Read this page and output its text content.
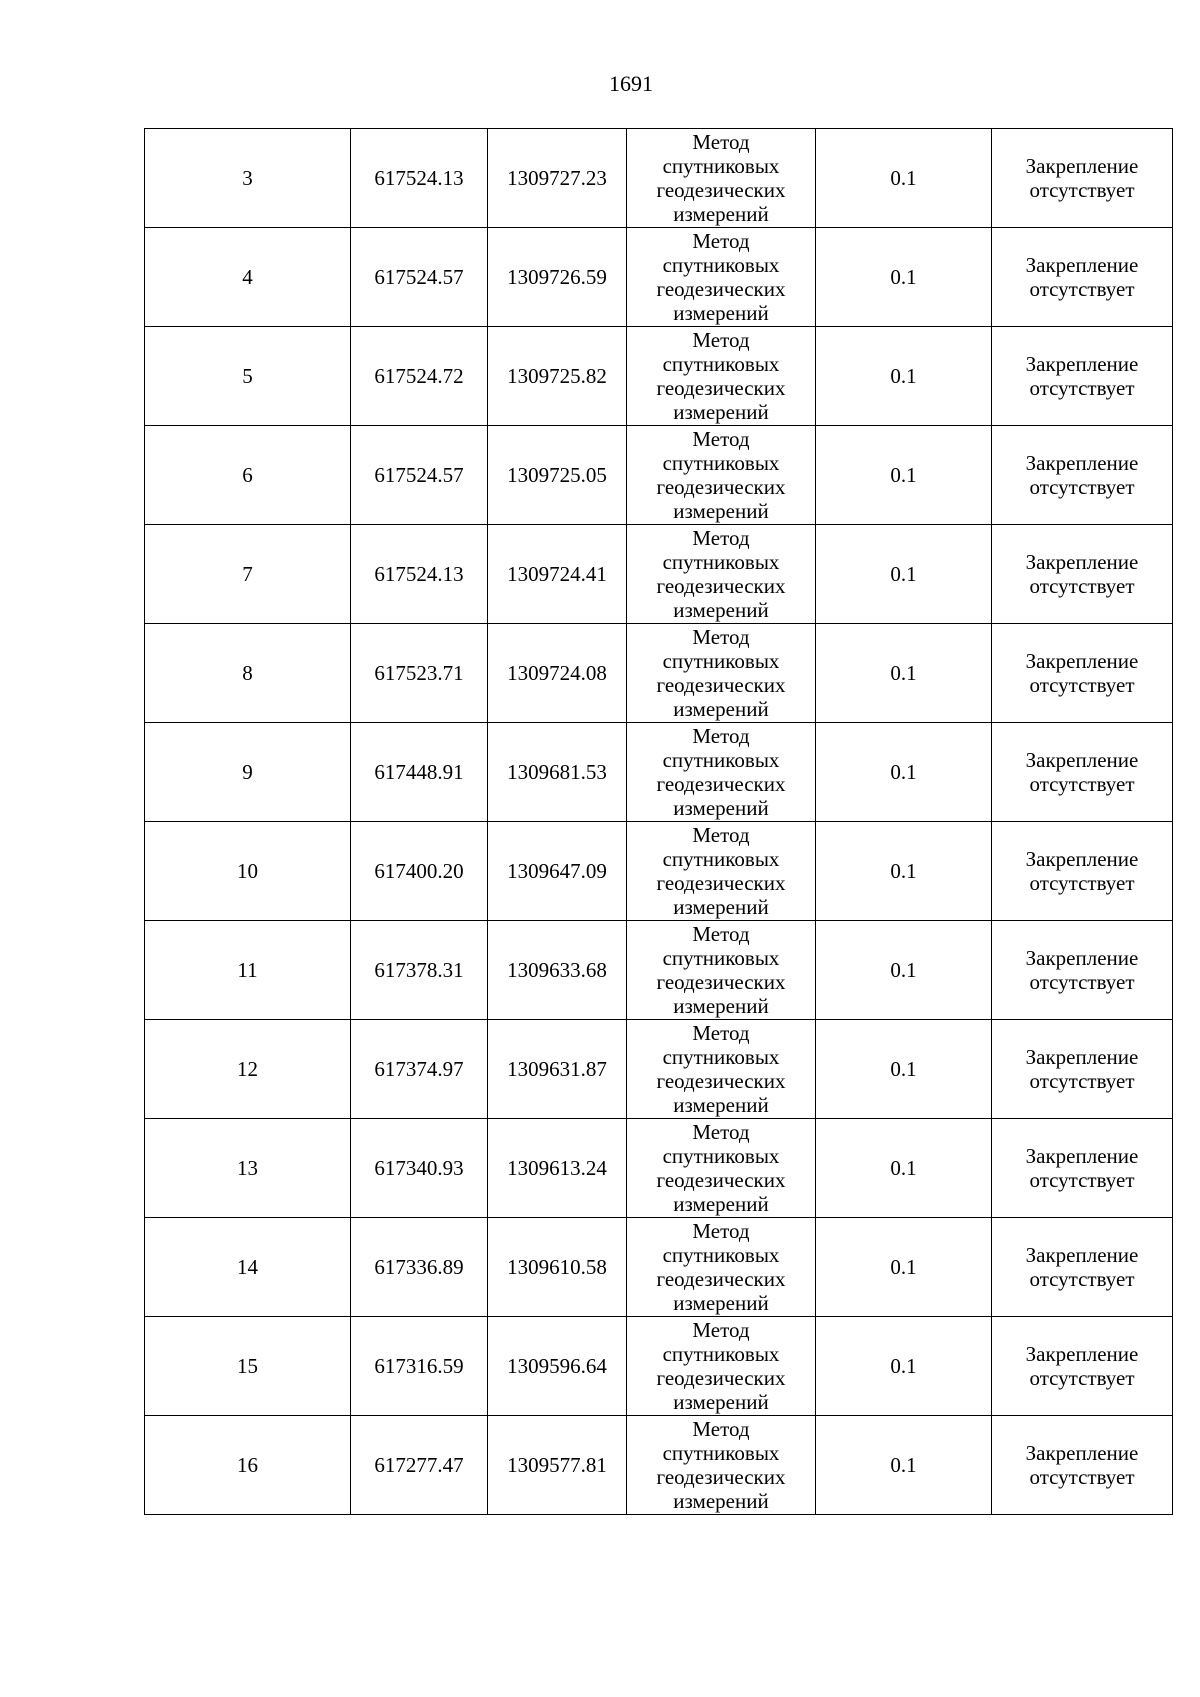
1691
3	617524.13	1309727.23	Метод
спутниковых
геодезических
измерений	0.1	Закрепление
отсутствует

4	617524.57	1309726.59	Метод
спутниковых
геодезических
измерений	0.1	Закрепление
отсутствует

5	617524.72	1309725.82	Метод
спутниковых
геодезических
измерений	0.1	Закрепление
отсутствует

6	617524.57	1309725.05	Метод
спутниковых
геодезических
измерений	0.1	Закрепление
отсутствует

7	617524.13	1309724.41	Метод
спутниковых
геодезических
измерений	0.1	Закрепление
отсутствует

8	617523.71	1309724.08	Метод
спутниковых
геодезических
измерений	0.1	Закрепление
отсутствует

9	617448.91	1309681.53	Метод
спутниковых
геодезических
измерений	0.1	Закрепление
отсутствует

10	617400.20	1309647.09	Метод
спутниковых
геодезических
измерений	0.1	Закрепление
отсутствует

11	617378.31	1309633.68	Метод
спутниковых
геодезических
измерений	0.1	Закрепление
отсутствует

12	617374.97	1309631.87	Метод
спутниковых
геодезических
измерений	0.1	Закрепление
отсутствует

13	617340.93	1309613.24	Метод
спутниковых
геодезических
измерений	0.1	Закрепление
отсутствует

14	617336.89	1309610.58	Метод
спутниковых
геодезических
измерений	0.1	Закрепление
отсутствует

15	617316.59	1309596.64	Метод
спутниковых
геодезических
измерений	0.1	Закрепление
отсутствует

16	617277.47	1309577.81	Метод
спутниковых
геодезических
измерений	0.1	Закрепление
отсутствует
